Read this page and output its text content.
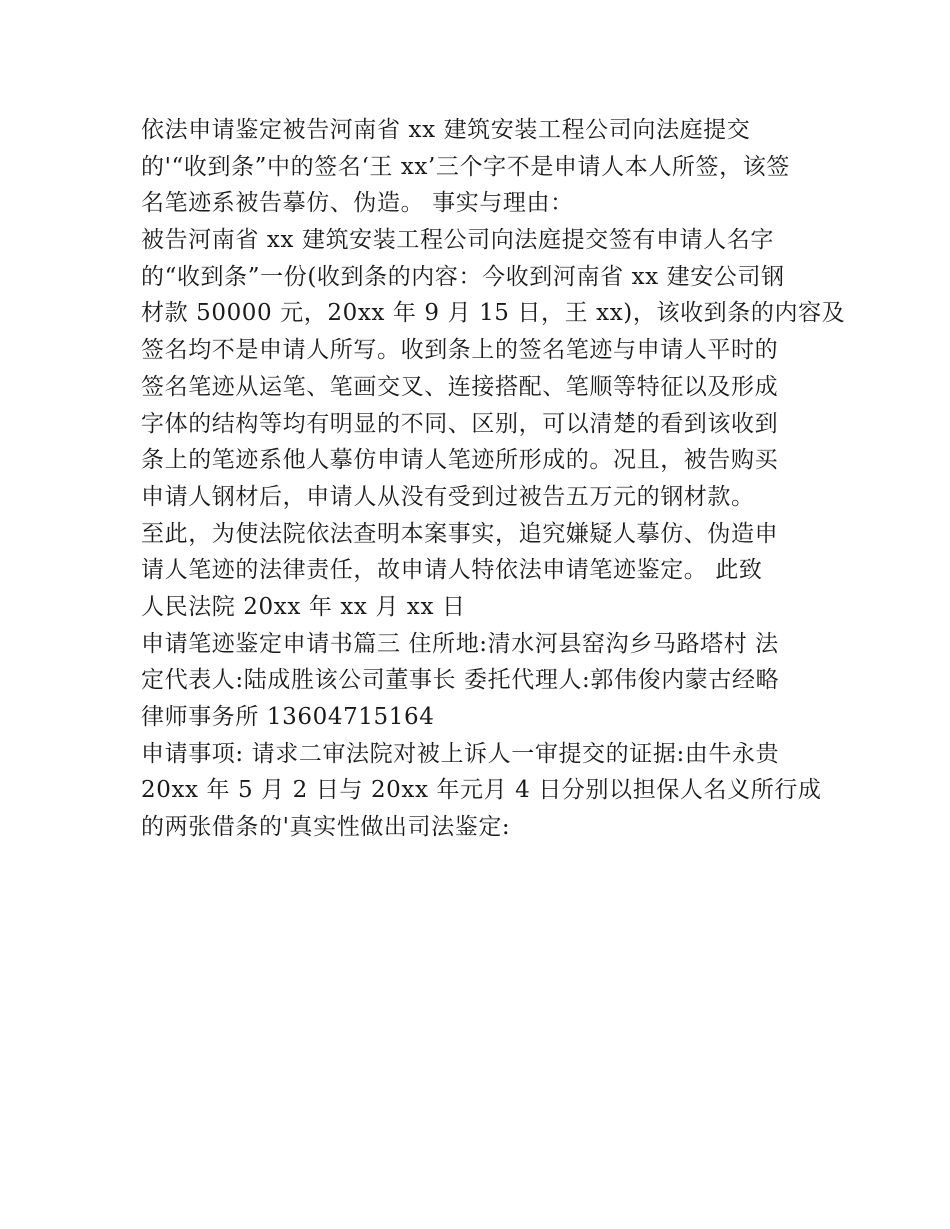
依法申请鉴定被告河南省 xx 建筑安装工程公司向法庭提交
的'“收到条”中的签名‘王 xx’三个字不是申请人本人所签，该签
名笔迹系被告摹仿、伪造。 事实与理由：

被告河南省 xx 建筑安装工程公司向法庭提交签有申请人名字
的“收到条”一份(收到条的内容：今收到河南省 xx 建安公司钢
材款 50000 元，20xx 年 9 月 15 日，王 xx)，该收到条的内容及
签名均不是申请人所写。收到条上的签名笔迹与申请人平时的
签名笔迹从运笔、笔画交叉、连接搭配、笔顺等特征以及形成
字体的结构等均有明显的不同、区别，可以清楚的看到该收到
条上的笔迹系他人摹仿申请人笔迹所形成的。况且，被告购买
申请人钢材后，申请人从没有受到过被告五万元的钢材款。

至此，为使法院依法查明本案事实，追究嫌疑人摹仿、伪造申
请人笔迹的法律责任，故申请人特依法申请笔迹鉴定。 此致
人民法院 20xx 年 xx 月 xx 日

申请笔迹鉴定申请书篇三 住所地:清水河县窑沟乡马路塔村 法
定代表人:陆成胜该公司董事长 委托代理人:郭伟俊内蒙古经略
律师事务所 13604715164

申请事项: 请求二审法院对被上诉人一审提交的证据:由牛永贵
20xx 年 5 月 2 日与 20xx 年元月 4 日分别以担保人名义所行成
的两张借条的'真实性做出司法鉴定:
